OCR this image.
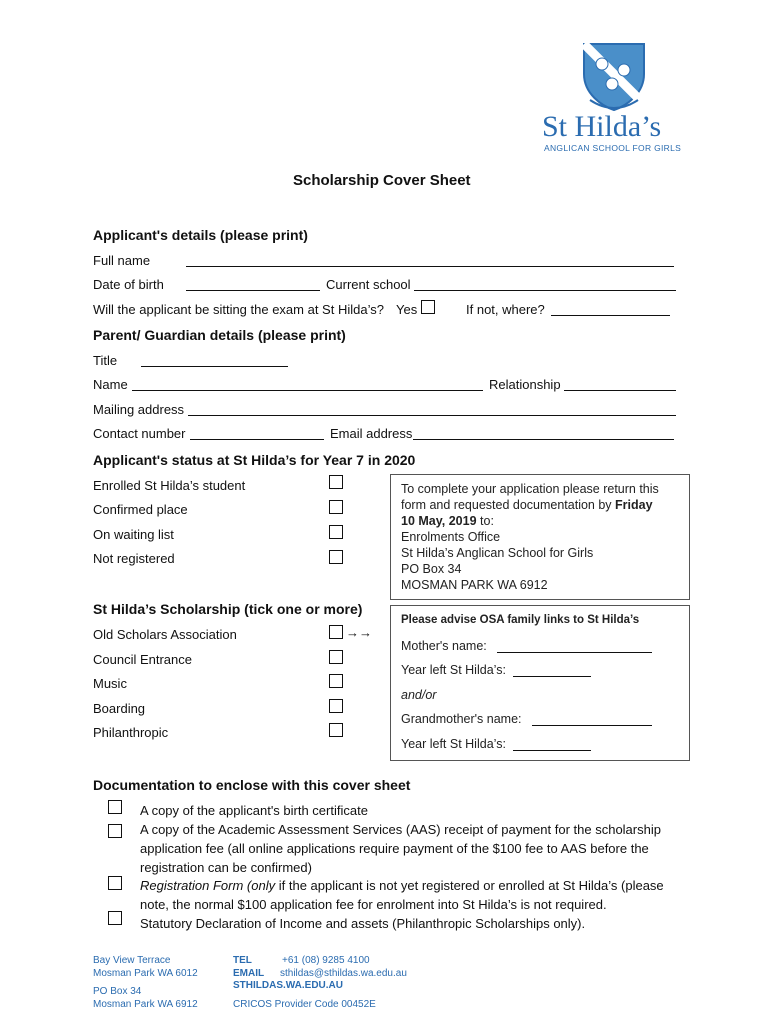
St Hilda’s
ANGLICAN SCHOOL FOR GIRLS
Scholarship Cover Sheet
Applicant's details (please print)
Full name
Date of birth	Current school
Will the applicant be sitting the exam at St Hilda’s? Yes	If not, where?
Parent/ Guardian details (please print)
Title
Name	Relationship
Mailing address
Contact number	Email address
Applicant's status at St Hilda’s for Year 7 in 2020
Enrolled St Hilda’s student
Confirmed place
On waiting list
Not registered
To complete your application please return this
form and requested documentation by Friday
10 May, 2019 to:
Enrolments Office
St Hilda’s Anglican School for Girls
PO Box 34
MOSMAN PARK WA 6912
St Hilda’s Scholarship (tick one or more)
Old Scholars Association	→→
Council Entrance
Music
Boarding
Philanthropic
Please advise OSA family links to St Hilda’s
Mother's name:
Year left St Hilda’s:
and/or
Grandmother's name:
Year left St Hilda’s:
Documentation to enclose with this cover sheet
A copy of the applicant's birth certificate
A copy of the Academic Assessment Services (AAS) receipt of payment for the scholarship
application fee (all online applications require payment of the $100 fee to AAS before the
registration can be confirmed)
Registration Form (only if the applicant is not yet registered or enrolled at St Hilda’s (please
note, the normal $100 application fee for enrolment into St Hilda’s is not required.
Statutory Declaration of Income and assets (Philanthropic Scholarships only).
Bay View Terrace
Mosman Park WA 6012
PO Box 34
Mosman Park WA 6912
TEL	+61 (08) 9285 4100
EMAIL sthildas@sthildas.wa.edu.au
STHILDAS.WA.EDU.AU
CRICOS Provider Code 00452E
